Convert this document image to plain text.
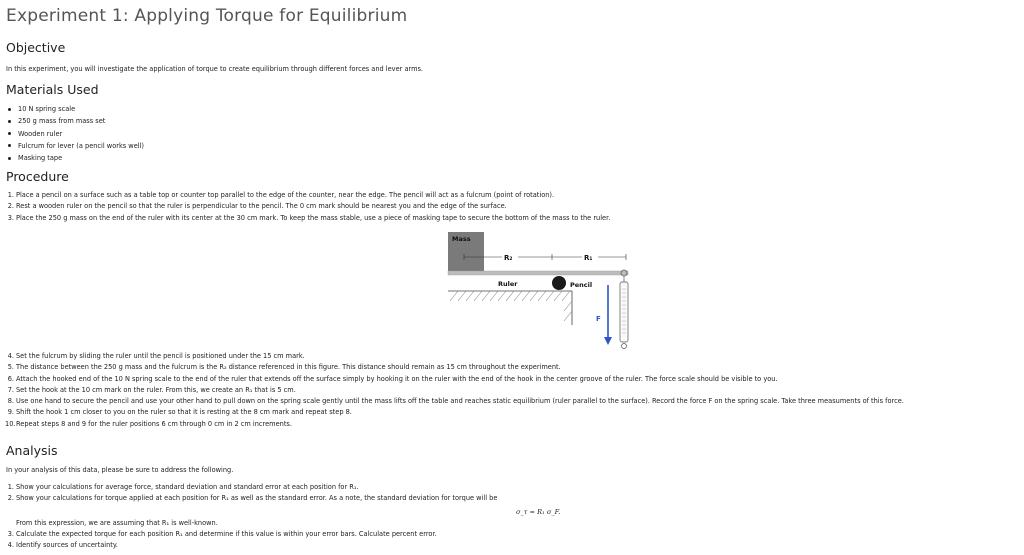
Experiment 1: Applying Torque for Equilibrium
Objective

In this experiment, you will investigate the application of torque to create equilibrium through different forces and lever arms.

Materials Used
10 N spring scale
250 g mass from mass set
Wooden ruler
Fulcrum for lever (a pencil works well)
Masking tape
Procedure
1. Place a pencil on a surface such as a table top or counter top parallel to the edge of the counter, near the edge. The pencil will act as a fulcrum (point of rotation).
2. Rest a wooden ruler on the pencil so that the ruler is perpendicular to the pencil. The 0 cm mark should be nearest you and the edge of the surface.
3. Place the 250 g mass on the end of the ruler with its center at the 30 cm mark. To keep the mass stable, use a piece of masking tape to secure the bottom of the mass to the ruler.
Mass
R₂	R₁
Ruler	Pencil
F
4. Set the fulcrum by sliding the ruler until the pencil is positioned under the 15 cm mark.
5. The distance between the 250 g mass and the fulcrum is the R₂ distance referenced in this figure. This distance should remain as 15 cm throughout the experiment.
6. Attach the hooked end of the 10 N spring scale to the end of the ruler that extends off the surface simply by hooking it on the ruler with the end of the hook in the center groove of the ruler. The force scale should be visible to you.
7. Set the hook at the 10 cm mark on the ruler. From this, we create an R₁ that is 5 cm.
8. Use one hand to secure the pencil and use your other hand to pull down on the spring scale gently until the mass lifts off the table and reaches static equilibrium (ruler parallel to the surface). Record the force F on the spring scale. Take three measuments of this force.
9. Shift the hook 1 cm closer to you on the ruler so that it is resting at the 8 cm mark and repeat step 8.
10. Repeat steps 8 and 9 for the ruler positions 6 cm through 0 cm in 2 cm increments.
Analysis

In your analysis of this data, please be sure to address the following.

1. Show your calculations for average force, standard deviation and standard error at each position for R₁.
2. Show your calculations for torque applied at each position for R₁ as well as the standard error. As a note, the standard deviation for torque will be
σ_τ = R₁ σ_F.

From this expression, we are assuming that R₁ is well-known.

3. Calculate the expected torque for each position R₁ and determine if this value is within your error bars. Calculate percent error.
4. Identify sources of uncertainty.
